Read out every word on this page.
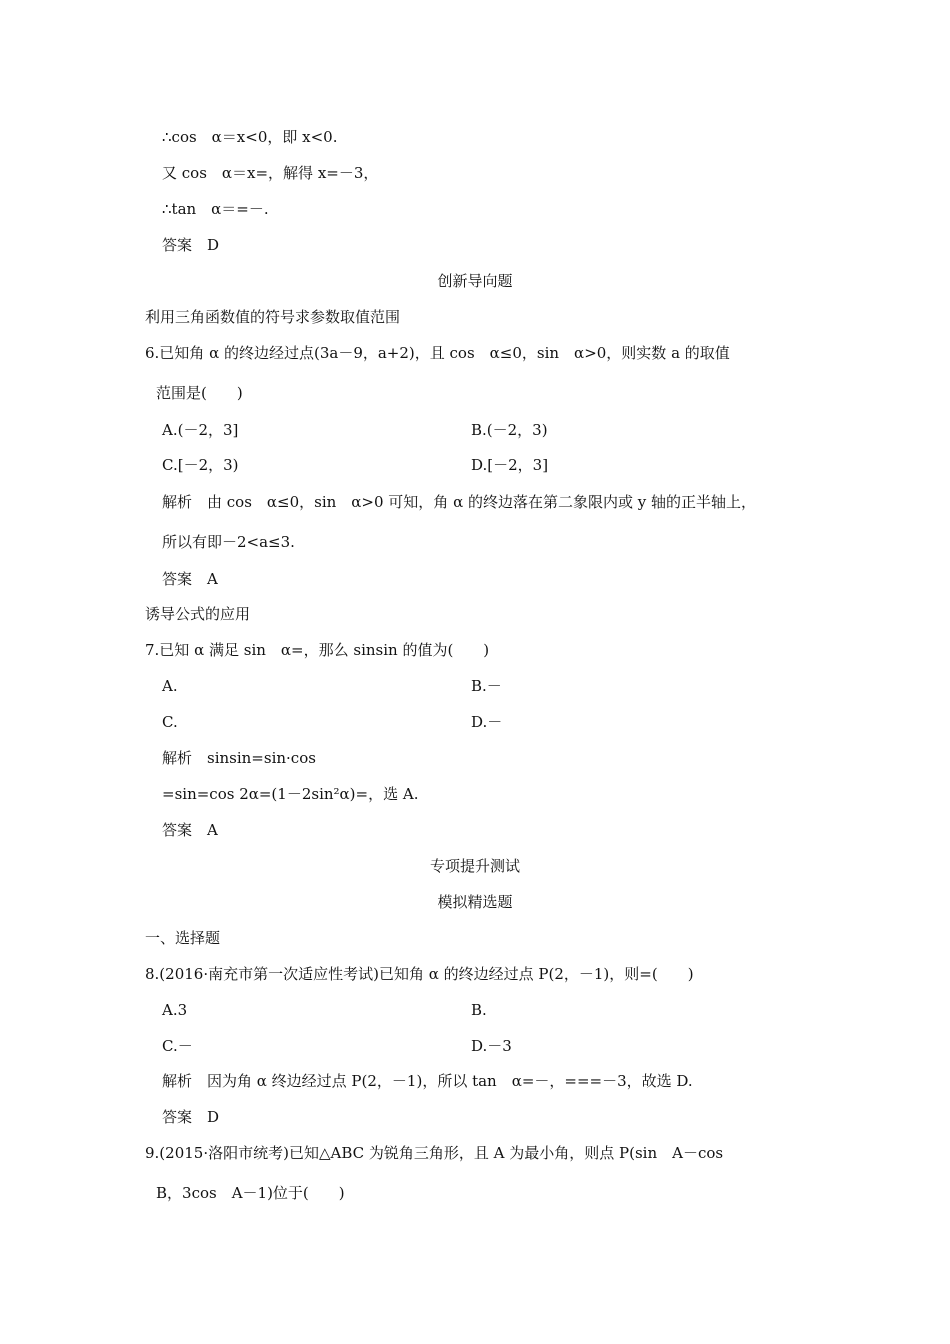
∴cos　α＝x<0，即 x<0.
又 cos　α＝x=，解得 x=－3，
∴tan　α＝=－.
答案　D
创新导向题
利用三角函数值的符号求参数取值范围
6.已知角 α 的终边经过点(3a－9，a+2)，且 cos　α≤0，sin　α>0，则实数 a 的取值
范围是(　　)
A.(－2，3]	B.(－2，3)
C.[－2，3)	D.[－2，3]
解析　由 cos　α≤0，sin　α>0 可知，角 α 的终边落在第二象限内或 y 轴的正半轴上，
所以有即－2<a≤3.
答案　A
诱导公式的应用
7.已知 α 满足 sin　α=，那么 sinsin 的值为(　　)
A.	B.－
C.	D.－
解析　sinsin=sin·cos
=sin=cos 2α=(1－2sin²α)=，选 A.
答案　A
专项提升测试
模拟精选题
一、选择题
8.(2016·南充市第一次适应性考试)已知角 α 的终边经过点 P(2，－1)，则=(　　)
A.3	B.
C.－	D.－3
解析　因为角 α 终边经过点 P(2，－1)，所以 tan　α=－，===－3，故选 D.
答案　D
9.(2015·洛阳市统考)已知△ABC 为锐角三角形，且 A 为最小角，则点 P(sin　A－cos
B，3cos　A－1)位于(　　)
